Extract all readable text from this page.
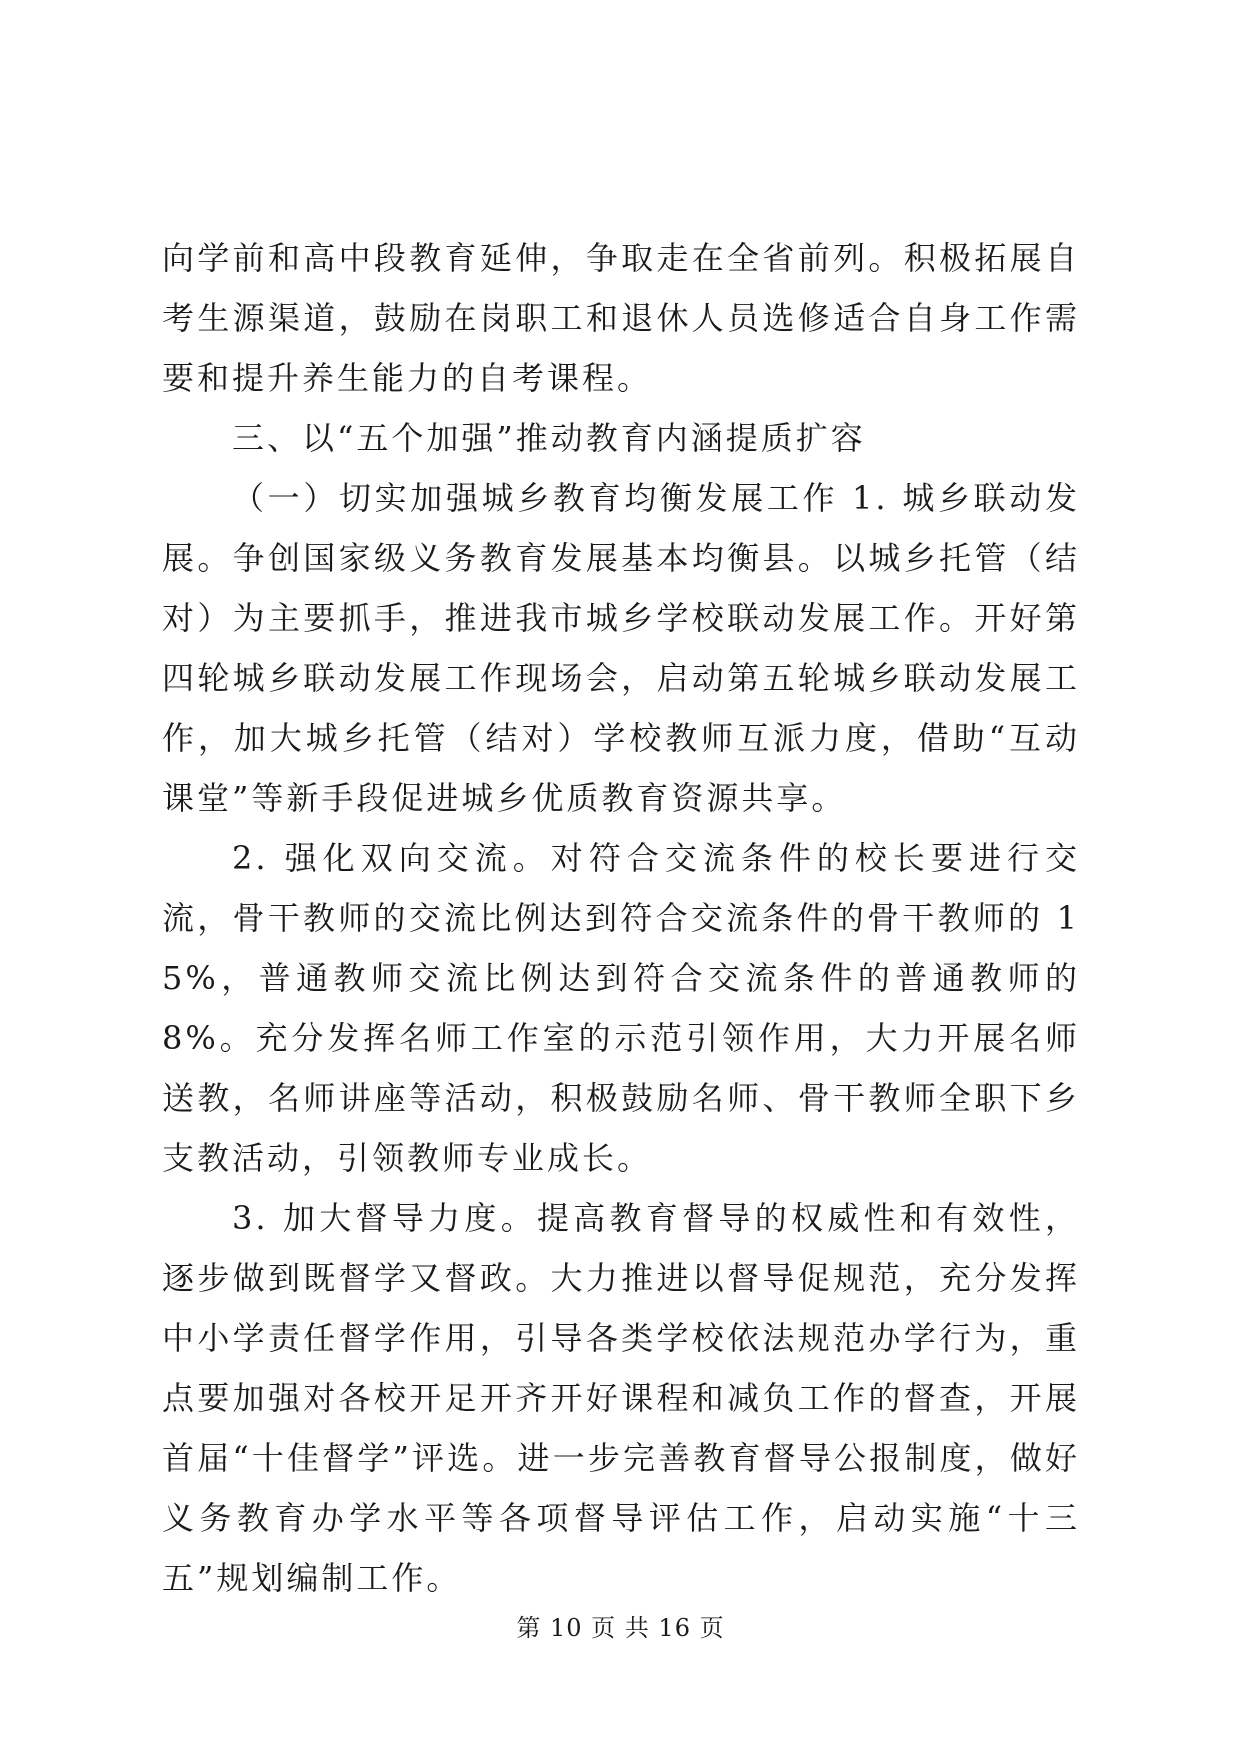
向学前和高中段教育延伸，争取走在全省前列。积极拓展自考生源渠道，鼓励在岗职工和退休人员选修适合自身工作需要和提升养生能力的自考课程。

三、以“五个加强”推动教育内涵提质扩容

（一）切实加强城乡教育均衡发展工作 1. 城乡联动发展。争创国家级义务教育发展基本均衡县。以城乡托管（结对）为主要抓手，推进我市城乡学校联动发展工作。开好第四轮城乡联动发展工作现场会，启动第五轮城乡联动发展工作，加大城乡托管（结对）学校教师互派力度，借助“互动课堂”等新手段促进城乡优质教育资源共享。

2. 强化双向交流。对符合交流条件的校长要进行交流，骨干教师的交流比例达到符合交流条件的骨干教师的 15%，普通教师交流比例达到符合交流条件的普通教师的 8%。充分发挥名师工作室的示范引领作用，大力开展名师送教，名师讲座等活动，积极鼓励名师、骨干教师全职下乡支教活动，引领教师专业成长。

3. 加大督导力度。提高教育督导的权威性和有效性，逐步做到既督学又督政。大力推进以督导促规范，充分发挥中小学责任督学作用，引导各类学校依法规范办学行为，重点要加强对各校开足开齐开好课程和减负工作的督查，开展首届“十佳督学”评选。进一步完善教育督导公报制度，做好义务教育办学水平等各项督导评估工作，启动实施“十三五”规划编制工作。

第 10 页 共 16 页
